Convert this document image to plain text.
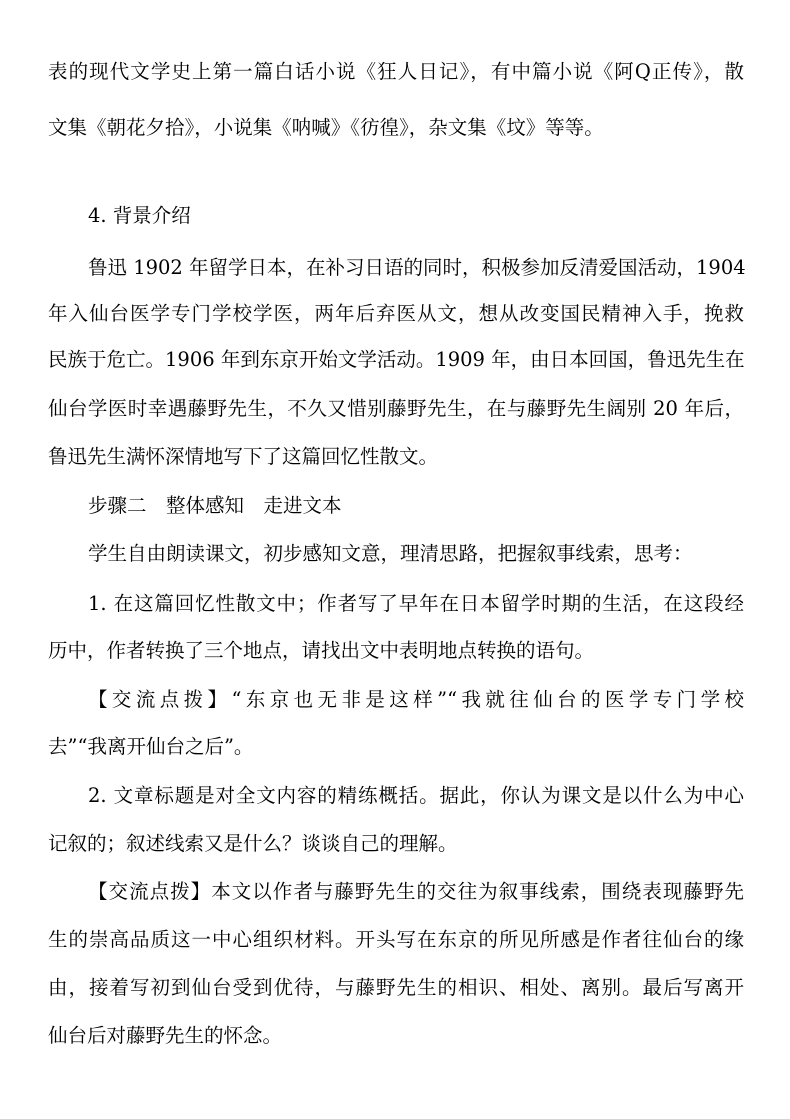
表的现代文学史上第一篇白话小说《狂人日记》，有中篇小说《阿Q正传》，散
文集《朝花夕拾》，小说集《呐喊》《彷徨》，杂文集《坟》等等。
4. 背景介绍
鲁迅 1902 年留学日本，在补习日语的同时，积极参加反清爱国活动，1904
年入仙台医学专门学校学医，两年后弃医从文，想从改变国民精神入手，挽救
民族于危亡。1906 年到东京开始文学活动。1909 年，由日本回国，鲁迅先生在
仙台学医时幸遇藤野先生，不久又惜别藤野先生，在与藤野先生阔别 20 年后，
鲁迅先生满怀深情地写下了这篇回忆性散文。
步骤二　整体感知　走进文本
学生自由朗读课文，初步感知文意，理清思路，把握叙事线索，思考：
1. 在这篇回忆性散文中；作者写了早年在日本留学时期的生活，在这段经
历中，作者转换了三个地点，请找出文中表明地点转换的语句。
【交流点拨】“东京也无非是这样”“我就往仙台的医学专门学校
去”“我离开仙台之后”。
2. 文章标题是对全文内容的精练概括。据此，你认为课文是以什么为中心
记叙的；叙述线索又是什么？谈谈自己的理解。
【交流点拨】本文以作者与藤野先生的交往为叙事线索，围绕表现藤野先
生的崇高品质这一中心组织材料。开头写在东京的所见所感是作者往仙台的缘
由，接着写初到仙台受到优待，与藤野先生的相识、相处、离别。最后写离开
仙台后对藤野先生的怀念。
